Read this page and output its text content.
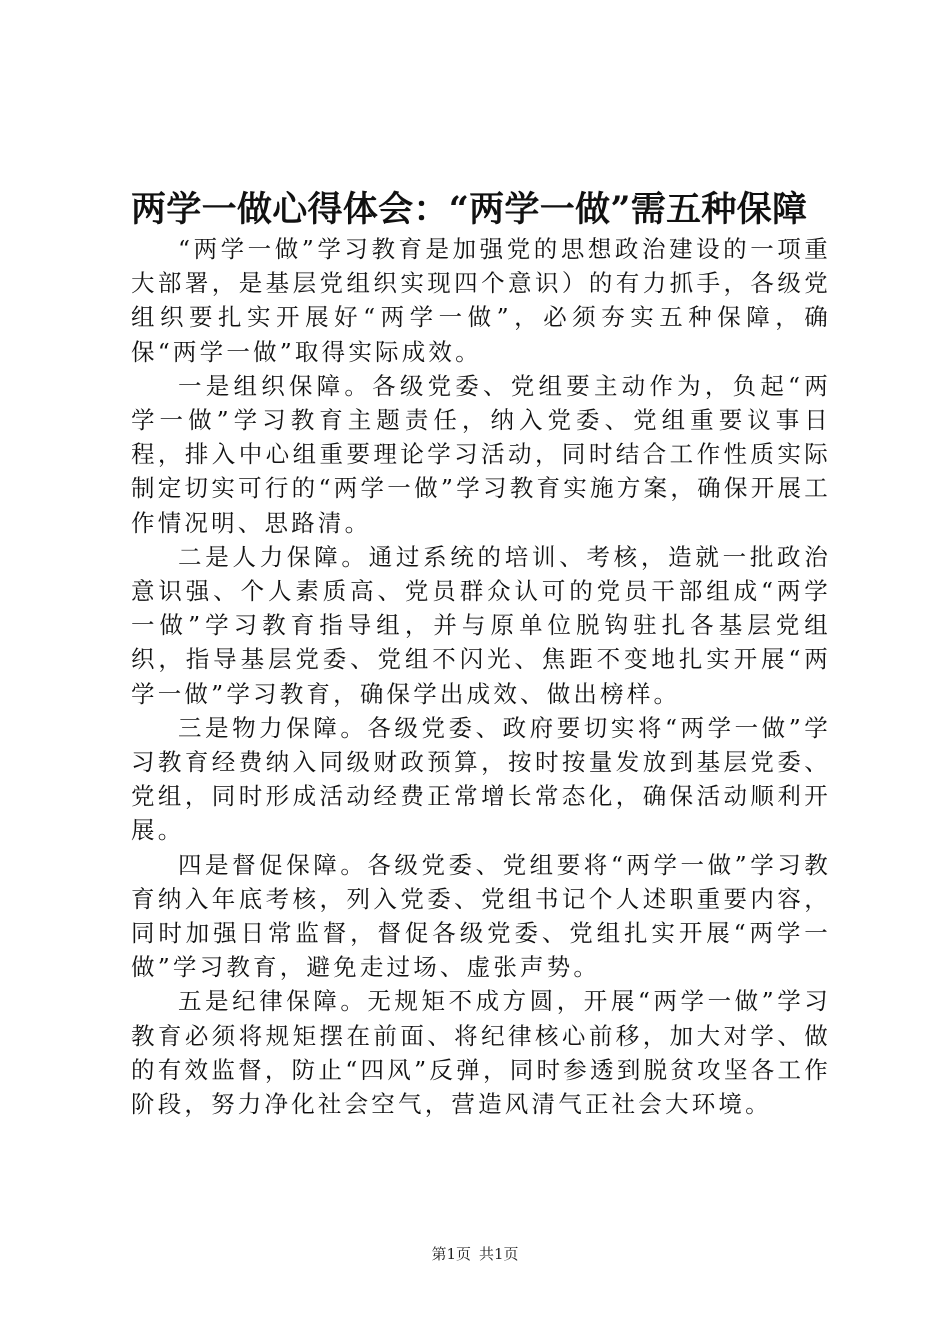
两学一做心得体会：“两学一做”需五种保障

“两学一做”学习教育是加强党的思想政治建设的一项重大部署，是基层党组织实现四个意识）的有力抓手，各级党组织要扎实开展好“两学一做”，必须夯实五种保障，确保“两学一做”取得实际成效。

一是组织保障。各级党委、党组要主动作为，负起“两学一做”学习教育主题责任，纳入党委、党组重要议事日程，排入中心组重要理论学习活动，同时结合工作性质实际制定切实可行的“两学一做”学习教育实施方案，确保开展工作情况明、思路清。

二是人力保障。通过系统的培训、考核，造就一批政治意识强、个人素质高、党员群众认可的党员干部组成“两学一做”学习教育指导组，并与原单位脱钩驻扎各基层党组织，指导基层党委、党组不闪光、焦距不变地扎实开展“两学一做”学习教育，确保学出成效、做出榜样。

三是物力保障。各级党委、政府要切实将“两学一做”学习教育经费纳入同级财政预算，按时按量发放到基层党委、党组，同时形成活动经费正常增长常态化，确保活动顺利开展。

四是督促保障。各级党委、党组要将“两学一做”学习教育纳入年底考核，列入党委、党组书记个人述职重要内容，同时加强日常监督，督促各级党委、党组扎实开展“两学一做”学习教育，避免走过场、虚张声势。

五是纪律保障。无规矩不成方圆，开展“两学一做”学习教育必须将规矩摆在前面、将纪律核心前移，加大对学、做的有效监督，防止“四风”反弹，同时参透到脱贫攻坚各工作阶段，努力净化社会空气，营造风清气正社会大环境。

第1页 共1页
